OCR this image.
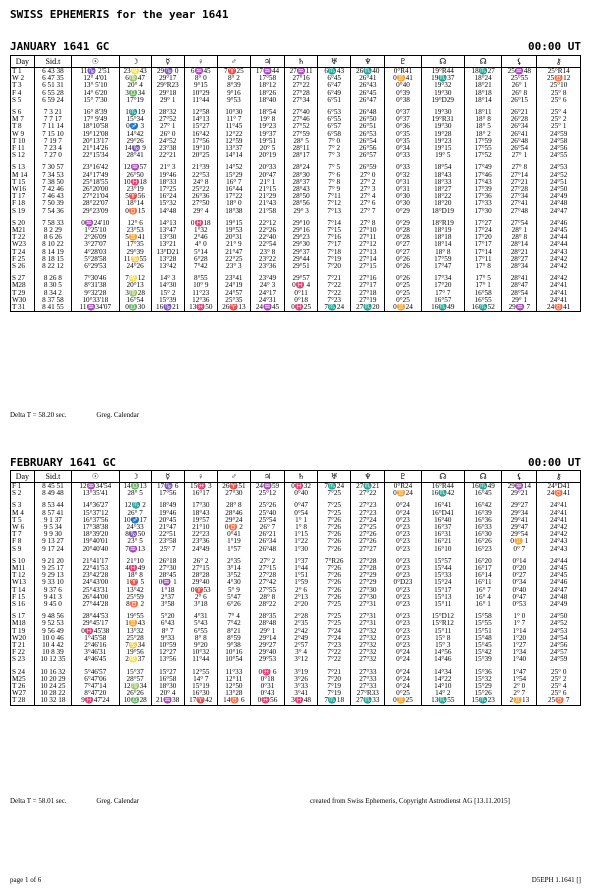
SWISS EPHEMERIS for the year 1641
JANUARY 1641 GC	00:00 UT
Day	Sid.t	☉	☽	☿	♀	♂	♃	♄	♅	♆	♇	☊	☊	⚸	⚷
T 1	6 43 38	11♑ 2'51	23♌43	29♑ 0	6♒45	7♈25	17♒44	27♒11	6♏43	26♏40	0°R41	19°R44	18♏27	25♒48	25°R14
W 2	6 47 35	12° 4'01	6♍47	29°17	8° 0	8° 2	17°58	27°16	6°45	26°41	0♊41	19♏37	18°24	25°55	25♉12
T 3	6 51 31	13° 5'10	20° 4	29°R23	9°15	8°39	18°12	27°22	6°47	26°43	0°40	19°32	18°21	26° 1	25°10
F 4	6 55 28	14° 6'20	3♎34	29°18	10°29	9°16	18°26	27°28	6°49	26°45	0°39	19°30	18°18	26° 8	25° 8
S 5	6 59 24	15° 7'30	17°19	29° 1	11°44	9°53	18°40	27°34	6°51	26°47	0°38	19°D29	18°14	26°15	25° 6

S 6	7 3 21	16° 8'39	1♏19	28°32	12°58	10°30	18°54	27°40	6°53	26°48	0°37	19°30	18°11	26°21	25° 4
M 7	7 7 17	17° 9'49	15°34	27°52	14°13	11° 7	19° 8	27°46	6°55	26°50	0°37	19°R31	18° 8	26°28	25° 2
T 8	7 11 14	18°10'58	0♐ 3	27° 1	15°27	11°45	19°23	27°52	6°57	26°51	0°36	19°30	18° 5	26°34	25° 1
W 9	7 15 10	19°12'08	14°42	26° 0	16°42	12°22	19°37	27°59	6°58	26°53	0°35	19°28	18° 2	26°41	24°59
T 10	7 19 7	20°13'17	29°26	24°52	17°56	12°59	19°51	28° 5	7° 0	26°54	0°35	19°23	17°59	26°48	24°58
F 11	7 23 4	21°14'26	14♑ 9	23°38	19°10	13°37	20° 5	28°11	7° 2	26°56	0°34	19°15	17°55	26°54	24°56
S 12	7 27 0	22°15'34	28°41	22°21	20°25	14°14	20°19	28°17	7° 3	26°57	0°33	19° 5	17°52	27° 1	24°55

S 13	7 30 57	23°16'42	12♒57	21° 3	21°39	14°52	20°33	28°24	7° 5	26°59	0°33	18°54	17°49	27° 8	24°53
M 14	7 34 53	24°17'49	26°50	19°46	22°53	15°29	20°47	28°30	7° 6	27° 0	0°32	18°43	17°46	27°14	24°52
T 15	7 38 50	25°18'55	10♓18	18°33	24° 8	16° 7	21° 1	28°37	7° 8	27° 2	0°31	18°33	17°43	27°21	24°51
W16	7 42 46	26°20'00	23°19	17°25	25°22	16°44	21°15	28°43	7° 9	27° 3	0°31	18°27	17°39	27°28	24°50
T 17	7 46 43	27°21'04	5♈56	16°24	26°36	17°22	21°29	28°50	7°11	27° 4	0°30	18°22	17°36	27°34	24°49
F 18	7 50 39	28°22'07	18°14	15°32	27°50	18° 0	21°43	28°56	7°12	27° 6	0°30	18°20	17°33	27°41	24°48
S 19	7 54 36	29°23'09	0♉15	14°48	29° 4	18°38	21°58	29° 3	7°13	27° 7	0°29	18°D19	17°30	27°48	24°47

S 20	7 58 33	0♒24'10	12° 6	14°13	0♓18	19°15	22°12	29°10	7°14	27° 8	0°29	18°R19	17°27	27°54	24°46
M21	8 2 29	1°25'10	23°53	13°47	1°32	19°53	22°26	29°16	7°15	27°10	0°28	18°19	17°24	28° 1	24°45
T 22	8 6 26	2°26'09	5♊41	13°30	2°46	20°31	22°40	29°23	7°16	27°11	0°28	18°18	17°20	28° 8	24°44
W23	8 10 22	3°27'07	17°35	13°21	4° 0	21° 9	22°54	29°30	7°17	27°12	0°27	18°14	17°17	28°14	24°44
T 24	8 14 19	4°28'03	29°39	13°D21	5°14	21°47	23° 8	29°37	7°18	27°13	0°27	18° 8	17°14	28°21	24°43
F 25	8 18 15	5°28'58	11♋55	13°28	6°28	22°25	23°22	29°44	7°19	27°14	0°26	17°59	17°11	28°27	24°42
S 26	8 22 12	6°29'53	24°26	13°42	7°42	23° 3	23°36	29°51	7°20	27°15	0°26	17°47	17° 8	28°34	24°42

S 27	8 26 8	7°30'46	7♌12	14° 3	8°55	23°41	23°49	29°57	7°21	27°16	0°26	17°34	17° 5	28°41	24°42
M28	8 30 5	8°31'38	20°13	14°30	10° 9	24°19	24° 3	0♓ 4	7°22	27°17	0°25	17°20	17° 1	28°47	24°41
T 29	8 34 2	9°32'28	3♍28	15° 2	11°23	24°57	24°17	0°11	7°22	27°18	0°25	17° 7	16°58	28°54	24°41
W30	8 37 58	10°33'18	16°54	15°39	12°36	25°35	24°31	0°18	7°23	27°19	0°25	16°57	16°55	29° 1	24°41
T 31	8 41 55	11♒34'07	0♎30	16♑21	13♓50	26♈13	24♒45	0♓25	7♏24	27♏20	0♊24	16♏49	16♏52	29♒ 7	24♉41
Delta T = 58.20 sec.	Greg. Calendar
FEBRUARY 1641 GC	00:00 UT
Day	Sid.t	☉	☽	☿	♀	♂	♃	♄	♅	♆	♇	☊	☊	⚸	⚷
F 1	8 45 51	12♒34'54	14♎13	17♑ 6	15♓ 3	26♈51	24♒59	0♓32	7♏24	27♏21	0°R24	16°R44	16♏49	29♒14	24°D41
S 2	8 49 48	13°35'41	28° 5	17°56	16°17	27°30	25°12	0°40	7°25	27°22	0♊24	16♏42	16°45	29°21	24♉41

S 3	8 53 44	14°36'27	12♏ 2	18°49	17°30	28° 8	25°26	0°47	7°25	27°23	0°24	16°41	16°42	29°27	24°41
M 4	8 57 41	15°37'12	26° 7	19°46	18°43	28°46	25°40	0°54	7°25	27°23	0°24	16°D41	16°39	29°34	24°41
T 5	9 1 37	16°37'56	10♐17	20°45	19°57	29°24	25°54	1° 1	7°26	27°24	0°23	16°40	16°36	29°41	24°41
W 6	9 5 34	17°38'38	24°33	21°47	21°10	0♉ 2	26° 7	1° 8	7°26	27°25	0°23	16°37	16°33	29°47	24°42
T 7	9 9 30	18°39'20	8♑50	22°51	22°23	0°41	26°21	1°15	7°26	27°26	0°23	16°31	16°30	29°54	24°42
F 8	9 13 27	19°40'01	23° 5	23°58	23°36	1°19	26°34	1°22	7°26	27°26	0°23	16°21	16°26	0♊ 1	24°43
S 9	9 17 24	20°40'40	7♒13	25° 7	24°49	1°57	26°48	1°30	7°26	27°27	0°23	16°10	16°23	0° 7	24°43

S 10	9 21 20	21°41'17	21°10	26°18	26° 2	2°35	27° 2	1°37	7°R26	27°28	0°23	15°57	16°20	0°14	24°44
M11	9 25 17	22°41'53	4♓49	27°30	27°15	3°14	27°15	1°44	7°26	27°28	0°23	15°44	16°17	0°20	24°45
T 12	9 29 13	23°42'28	18° 8	28°45	28°28	3°52	27°28	1°51	7°26	27°29	0°23	15°33	16°14	0°27	24°45
W13	9 33 10	24°43'00	1♈ 5	0♒ 1	29°40	4°30	27°42	1°59	7°26	27°29	0°D23	15°24	16°11	0°34	24°46
T 14	9 37 6	25°43'31	13°42	1°18	0♈53	5° 9	27°55	2° 6	7°26	27°30	0°23	15°17	16° 7	0°40	24°47
F 15	9 41 3	26°44'00	25°59	2°37	2° 6	5°47	28° 8	2°13	7°26	27°30	0°23	15°13	16° 4	0°47	24°48
S 16	9 45 0	27°44'28	8♉ 2	3°58	3°18	6°26	28°22	2°20	7°25	27°31	0°23	15°11	16° 1	0°53	24°49

S 17	9 48 56	28°44'53	19°55	5°20	4°31	7° 4	28°35	2°28	7°25	27°31	0°23	15°D12	15°58	1° 0	24°50
M18	9 52 53	29°45'17	1♊43	6°43	5°43	7°42	28°48	2°35	7°25	27°31	0°23	15°R12	15°55	1° 7	24°52
T 19	9 56 49	0♓45'38	13°32	8° 7	6°55	8°21	29° 1	2°42	7°24	27°32	0°23	15°11	15°51	1°14	24°53
W20	10 0 46	1°45'58	25°28	9°33	8° 8	8°59	29°14	2°49	7°24	27°32	0°23	15° 8	15°48	1°20	24°54
T 21	10 4 42	2°46'16	7♋34	10°59	9°20	9°38	29°27	2°57	7°23	27°32	0°23	15° 3	15°45	1°27	24°56
F 22	10 8 39	3°46'31	19°56	12°27	10°32	10°16	29°40	3° 4	7°22	27°32	0°24	14°56	15°42	1°34	24°57
S 23	10 12 35	4°46'45	2♌37	13°56	11°44	10°54	29°53	3°12	7°22	27°32	0°24	14°46	15°39	1°40	24°59

S 24	10 16 32	5°46'57	15°37	15°27	12°55	11°33	0♓ 6	3°19	7°21	27°33	0°24	14°34	15°36	1°47	25° 0
M25	10 20 29	6°47'06	28°57	16°58	14° 7	12°11	0°18	3°26	7°20	27°33	0°24	14°22	15°32	1°54	25° 2
T 26	10 24 25	7°47'14	12♍34	18°30	15°19	12°50	0°31	3°33	7°19	27°33	0°24	14°10	15°29	2° 0	25° 4
W27	10 28 22	8°47'20	26°26	20° 4	16°30	13°28	0°43	3°41	7°19	27°R33	0°25	14° 2	15°26	2° 7	25° 6
T 28	10 32 18	9♓47'24	10♎28	21♒38	17♈42	14♉ 6	0♓56	3♓48	7♏18	27♏33	0♊25	13♏55	15♏23	2♊13	25♉ 7
Delta T = 58.01 sec.	Greg. Calendar	created from Swiss Ephemeris, Copyright Astrodienst AG [13.11.2015]
page 1 of 6	D5EPH 1.1641 []
